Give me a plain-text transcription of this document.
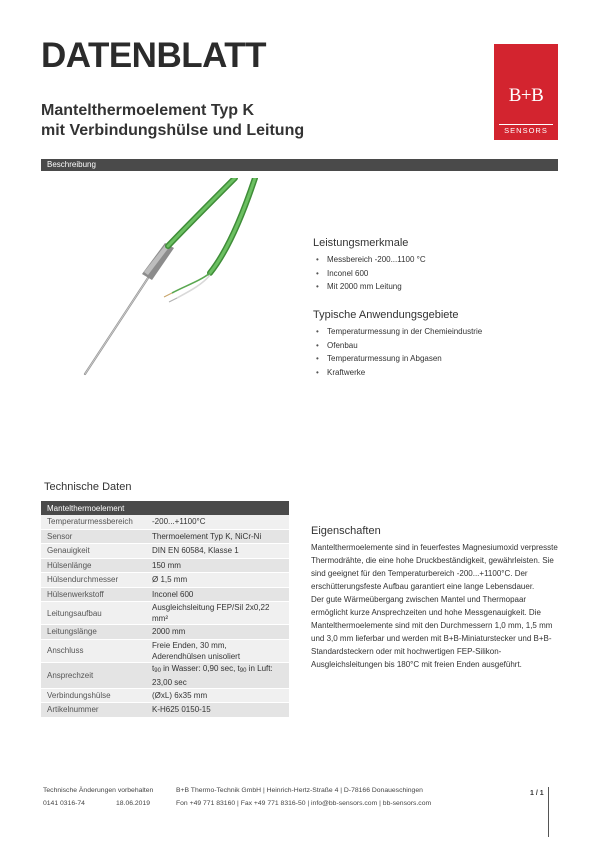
DATENBLATT
Mantelthermoelement Typ K
mit Verbindungshülse und Leitung
B+B
SENSORS
Beschreibung
Leistungsmerkmale
• Messbereich -200...1100 °C
• Inconel 600
• Mit 2000 mm Leitung
Typische Anwendungsgebiete
• Temperaturmessung in der Chemieindustrie
• Ofenbau
• Temperaturmessung in Abgasen
• Kraftwerke
Technische Daten
Mantelthermoelement	
Temperaturmessbereich	-200...+1100°C
Sensor	Thermoelement Typ K, NiCr-Ni
Genauigkeit	DIN EN 60584, Klasse 1
Hülsenlänge	150 mm
Hülsendurchmesser	Ø 1,5 mm
Hülsenwerkstoff	Inconel 600
Leitungsaufbau	Ausgleichsleitung FEP/Sil 2x0,22 mm²
Leitungslänge	2000 mm
Anschluss	Freie Enden, 30 mm,
Aderendhülsen unisoliert

Ansprechzeit	$t_{90}$ in Wasser: 0,90 sec, $t_{90}$ in Luft:
23,00 sec

Verbindungshülse	(ØxL) 6x35 mm
Artikelnummer	K-H625 0150-15
Eigenschaften

Mantelthermoelemente sind in feuerfestes Magnesiumoxid verpresste Thermodrähte, die eine hohe Druckbeständigkeit, gewährleisten. Sie sind geeignet für den Temperaturbereich -200...+1100°C. Der erschütterungsfeste Aufbau garantiert eine lange Lebensdauer.

Der gute Wärmeübergang zwischen Mantel und Thermopaar ermöglicht kurze Ansprechzeiten und hohe Messgenauigkeit. Die Mantelthermoelemente sind mit den Durchmessern 1,0 mm, 1,5 mm und 3,0 mm lieferbar und werden mit B+B-Miniaturstecker und B+B-Standardsteckern oder mit hochwertigen FEP-Silikon-Ausgleichsleitungen bis 180°C mit freien Enden ausgeführt.

Technische Änderungen vorbehalten
0141 0316-74	18.06.2019
B+B Thermo-Technik GmbH | Heinrich-Hertz-Straße 4 | D-78166 Donaueschingen
Fon +49 771 83160 | Fax +49 771 8316-50 | info@bb-sensors.com | bb-sensors.com
1 / 1
